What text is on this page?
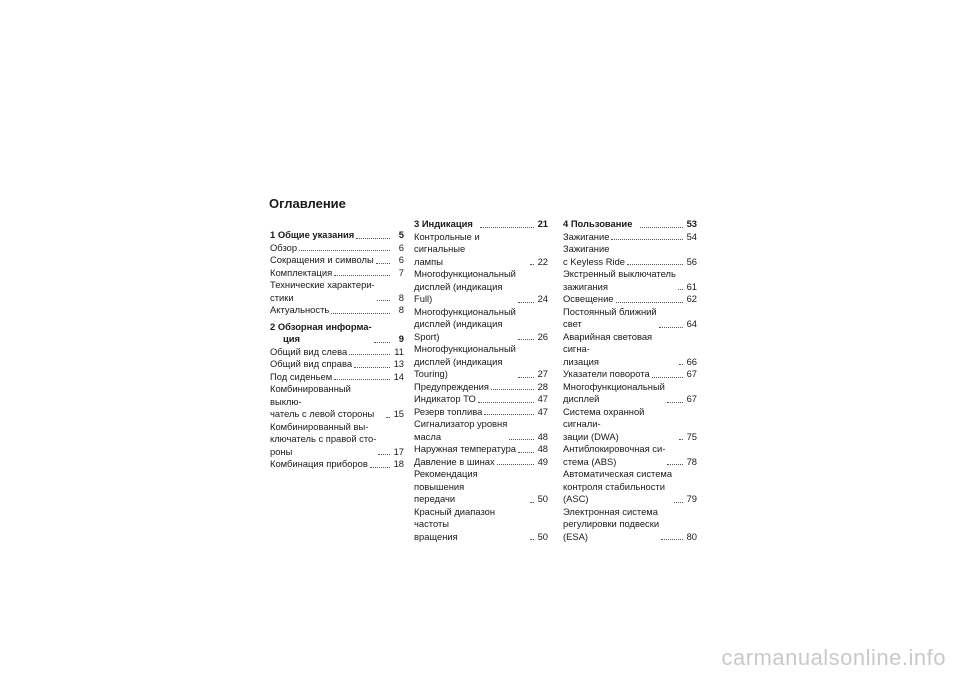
Оглавление
1 Общие указания	5
Обзор	6
Сокращения и символы	6
Комплектация	7
Технические характери-
стики	8
Актуальность	8
2 Обзорная информа-
ция	9
Общий вид слева	11
Общий вид справа	13
Под сиденьем	14
Комбинированный выклю-
чатель с левой стороны	15
Комбинированный вы-
ключатель с правой сто-
роны	17
Комбинация приборов	18
3 Индикация	21
Контрольные и сигнальные
лампы	22
Многофункциональный
дисплей (индикация
Full)	24
Многофункциональный
дисплей (индикация
Sport)	26
Многофункциональный
дисплей (индикация
Touring)	27
Предупреждения	28
Индикатор ТО	47
Резерв топлива	47
Сигнализатор уровня
масла	48
Наружная температура 48
Давление в шинах	49
Рекомендация повышения
передачи	50
Красный диапазон частоты
вращения	50
4 Пользование	53
Зажигание	54
Зажигание
с Keyless Ride	56
Экстренный выключатель
зажигания	61
Освещение	62
Постоянный ближний
свет	64
Аварийная световая сигна-
лизация	66
Указатели поворота	67
Многофункциональный
дисплей	67
Система охранной сигнали-
зации (DWA)	75
Антиблокировочная си-
стема (ABS)	78
Автоматическая система
контроля стабильности
(ASC)	79
Электронная система
регулировки подвески
(ESA)	80
carmanualsonline.info
